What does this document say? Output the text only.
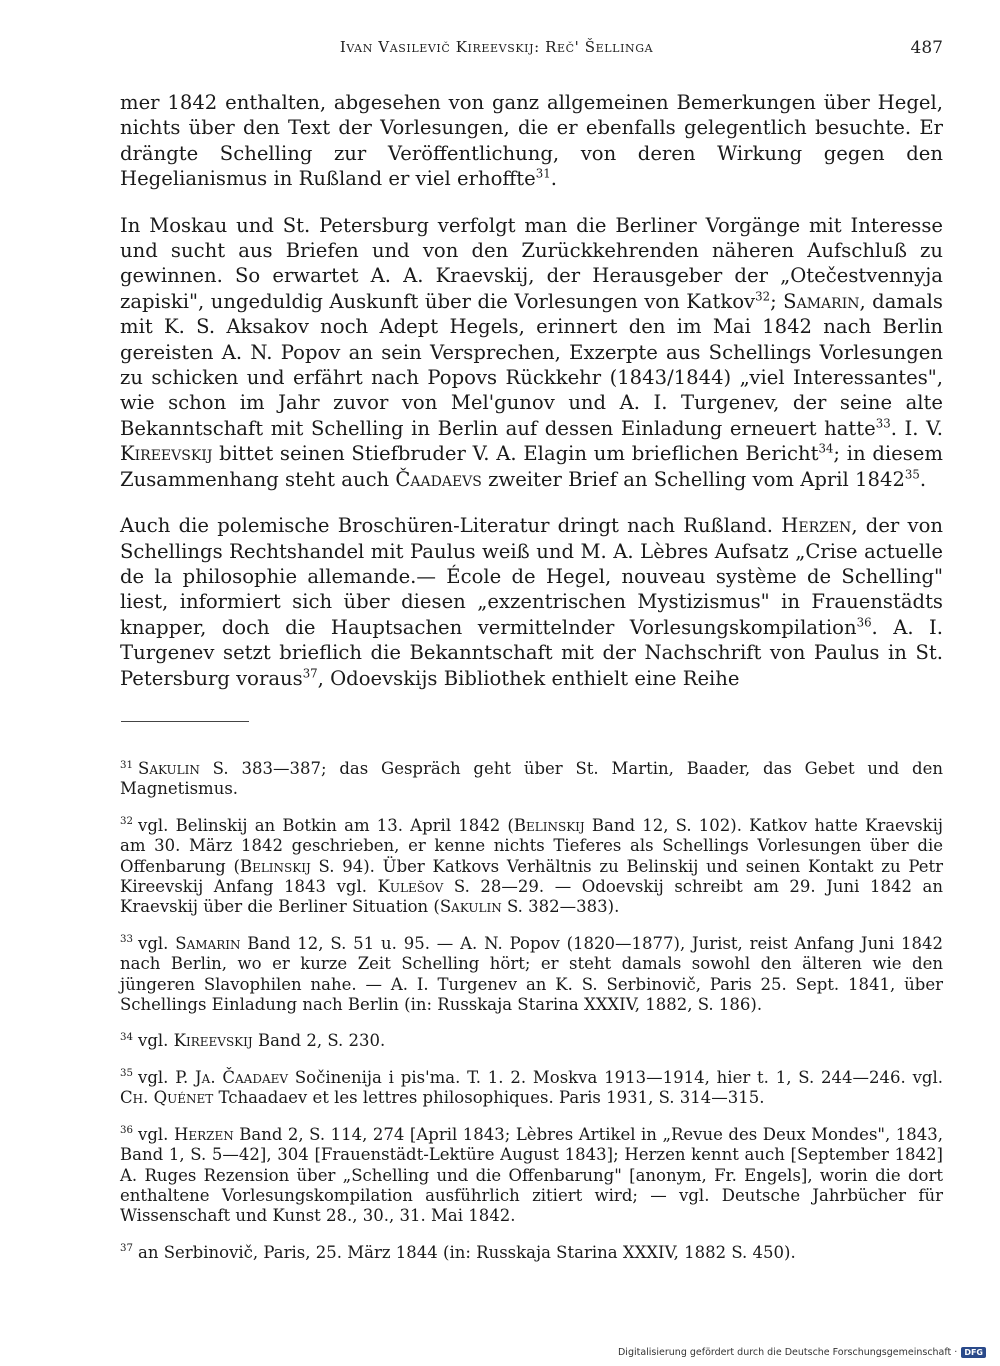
Ivan Vasilevič Kireevskij: Reč' Šellinga	487

mer 1842 enthalten, abgesehen von ganz allgemeinen Bemerkungen über Hegel, nichts über den Text der Vorlesungen, die er ebenfalls gelegentlich besuchte. Er drängte Schelling zur Veröffentlichung, von deren Wirkung gegen den Hegelianismus in Rußland er viel erhoffte$^{31}$.

In Moskau und St. Petersburg verfolgt man die Berliner Vorgänge mit Interesse und sucht aus Briefen und von den Zurückkehrenden näheren Aufschluß zu gewinnen. So erwartet A. A. Kraevskij, der Herausgeber der „Otečestvennyja zapiski", ungeduldig Auskunft über die Vorlesungen von Katkov$^{32}$; Samarin, damals mit K. S. Aksakov noch Adept Hegels, erinnert den im Mai 1842 nach Berlin gereisten A. N. Popov an sein Versprechen, Exzerpte aus Schellings Vorlesungen zu schicken und erfährt nach Popovs Rückkehr (1843/1844) „viel Interessantes", wie schon im Jahr zuvor von Mel'gunov und A. I. Turgenev, der seine alte Bekanntschaft mit Schelling in Berlin auf dessen Einladung erneuert hatte$^{33}$. I. V. Kireevskij bittet seinen Stiefbruder V. A. Elagin um brieflichen Bericht$^{34}$; in diesem Zusammenhang steht auch Čaadaevs zweiter Brief an Schelling vom April 1842$^{35}$.

Auch die polemische Broschüren-Literatur dringt nach Rußland. Herzen, der von Schellings Rechtshandel mit Paulus weiß und M. A. Lèbres Aufsatz „Crise actuelle de la philosophie allemande.— École de Hegel, nouveau système de Schelling" liest, informiert sich über diesen „exzentrischen Mystizismus" in Frauenstädts knapper, doch die Hauptsachen vermittelnder Vorlesungskompilation$^{36}$. A. I. Turgenev setzt brieflich die Bekanntschaft mit der Nachschrift von Paulus in St. Petersburg voraus$^{37}$, Odoevskijs Bibliothek enthielt eine Reihe

$^{31}$ Sakulin S. 383—387; das Gespräch geht über St. Martin, Baader, das Gebet und den Magnetismus.
$^{32}$ vgl. Belinskij an Botkin am 13. April 1842 (Belinskij Band 12, S. 102). Katkov hatte Kraevskij am 30. März 1842 geschrieben, er kenne nichts Tieferes als Schellings Vorlesungen über die Offenbarung (Belinskij S. 94). Über Katkovs Verhältnis zu Belinskij und seinen Kontakt zu Petr Kireevskij Anfang 1843 vgl. Kulešov S. 28—29. — Odoevskij schreibt am 29. Juni 1842 an Kraevskij über die Berliner Situation (Sakulin S. 382—383).
$^{33}$ vgl. Samarin Band 12, S. 51 u. 95. — A. N. Popov (1820—1877), Jurist, reist Anfang Juni 1842 nach Berlin, wo er kurze Zeit Schelling hört; er steht damals sowohl den älteren wie den jüngeren Slavophilen nahe. — A. I. Turgenev an K. S. Serbinovič, Paris 25. Sept. 1841, über Schellings Einladung nach Berlin (in: Russkaja Starina XXXIV, 1882, S. 186).
$^{34}$ vgl. Kireevskij Band 2, S. 230.
$^{35}$ vgl. P. Ja. Čaadaev Sočinenija i pis'ma. T. 1. 2. Moskva 1913—1914, hier t. 1, S. 244—246. vgl. Ch. Quénet Tchaadaev et les lettres philosophiques. Paris 1931, S. 314—315.
$^{36}$ vgl. Herzen Band 2, S. 114, 274 [April 1843; Lèbres Artikel in „Revue des Deux Mondes", 1843, Band 1, S. 5—42], 304 [Frauenstädt-Lektüre August 1843]; Herzen kennt auch [September 1842] A. Ruges Rezension über „Schelling und die Offenbarung" [anonym, Fr. Engels], worin die dort enthaltene Vorlesungskompilation ausführlich zitiert wird; — vgl. Deutsche Jahrbücher für Wissenschaft und Kunst 28., 30., 31. Mai 1842.
$^{37}$ an Serbinovič, Paris, 25. März 1844 (in: Russkaja Starina XXXIV, 1882 S. 450).
Digitalisierung gefördert durch die Deutsche Forschungsgemeinschaft · DFG
